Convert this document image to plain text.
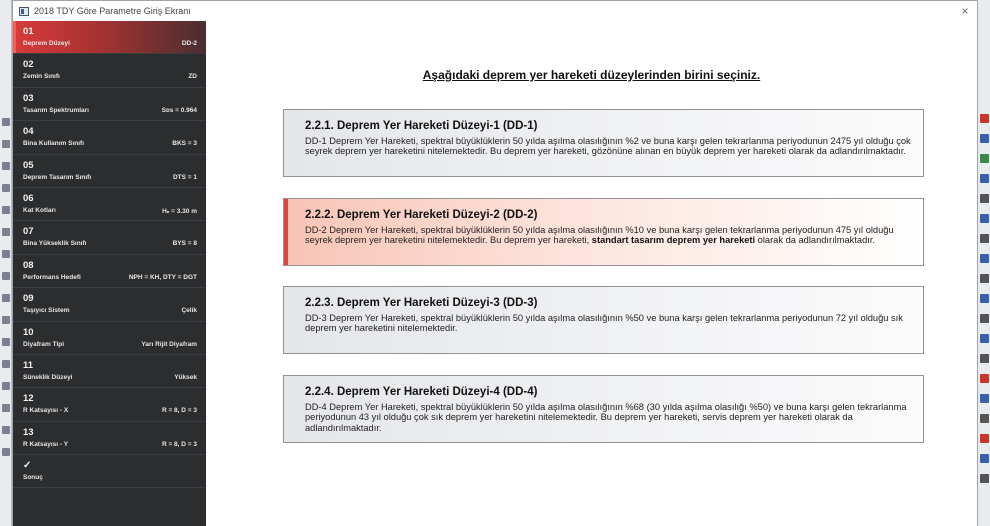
2018 TDY Göre Parametre Giriş Ekranı	×
01
Deprem Düzeyi	DD-2
02
Zemin Sınıfı	ZD
03
Tasarım Spektrumları	Sᴅs = 0.964
04
Bina Kullanım Sınıfı	BKS = 3
05
Deprem Tasarım Sınıfı	DTS = 1
06
Kat Kotları	Hₙ = 3.30 m
07
Bina Yükseklik Sınıfı	BYS = 8
08
Performans Hedefi	NPH = KH, DTY = DGT
09
Taşıyıcı Sistem	Çelik
10
Diyafram Tipi	Yarı Rijit Diyafram
11
Süneklik Düzeyi	Yüksek
12
R Katsayısı - X	R = 8, D = 3
13
R Katsayısı - Y	R = 8, D = 3
✓
Sonuç
Aşağıdaki deprem yer hareketi düzeylerinden birini seçiniz.
2.2.1. Deprem Yer Hareketi Düzeyi-1 (DD-1)
DD-1 Deprem Yer Hareketi, spektral büyüklüklerin 50 yılda aşılma olasılığının %2 ve buna karşı gelen tekrarlanma periyodunun 2475 yıl olduğu çok seyrek deprem yer hareketini nitelemektedir. Bu deprem yer hareketi, gözönüne alınan en büyük deprem yer hareketi olarak da adlandırılmaktadır.
2.2.2. Deprem Yer Hareketi Düzeyi-2 (DD-2)
DD-2 Deprem Yer Hareketi, spektral büyüklüklerin 50 yılda aşılma olasılığının %10 ve buna karşı gelen tekrarlanma periyodunun 475 yıl olduğu seyrek deprem yer hareketini nitelemektedir. Bu deprem yer hareketi, standart tasarım deprem yer hareketi olarak da adlandırılmaktadır.
2.2.3. Deprem Yer Hareketi Düzeyi-3 (DD-3)
DD-3 Deprem Yer Hareketi, spektral büyüklüklerin 50 yılda aşılma olasılığının %50 ve buna karşı gelen tekrarlanma periyodunun 72 yıl olduğu sık deprem yer hareketini nitelemektedir.
2.2.4. Deprem Yer Hareketi Düzeyi-4 (DD-4)
DD-4 Deprem Yer Hareketi, spektral büyüklüklerin 50 yılda aşılma olasılığının %68 (30 yılda aşılma olasılığı %50) ve buna karşı gelen tekrarlanma periyodunun 43 yıl olduğu çok sık deprem yer hareketini nitelemektedir. Bu deprem yer hareketi, servis deprem yer hareketi olarak da adlandırılmaktadır.
